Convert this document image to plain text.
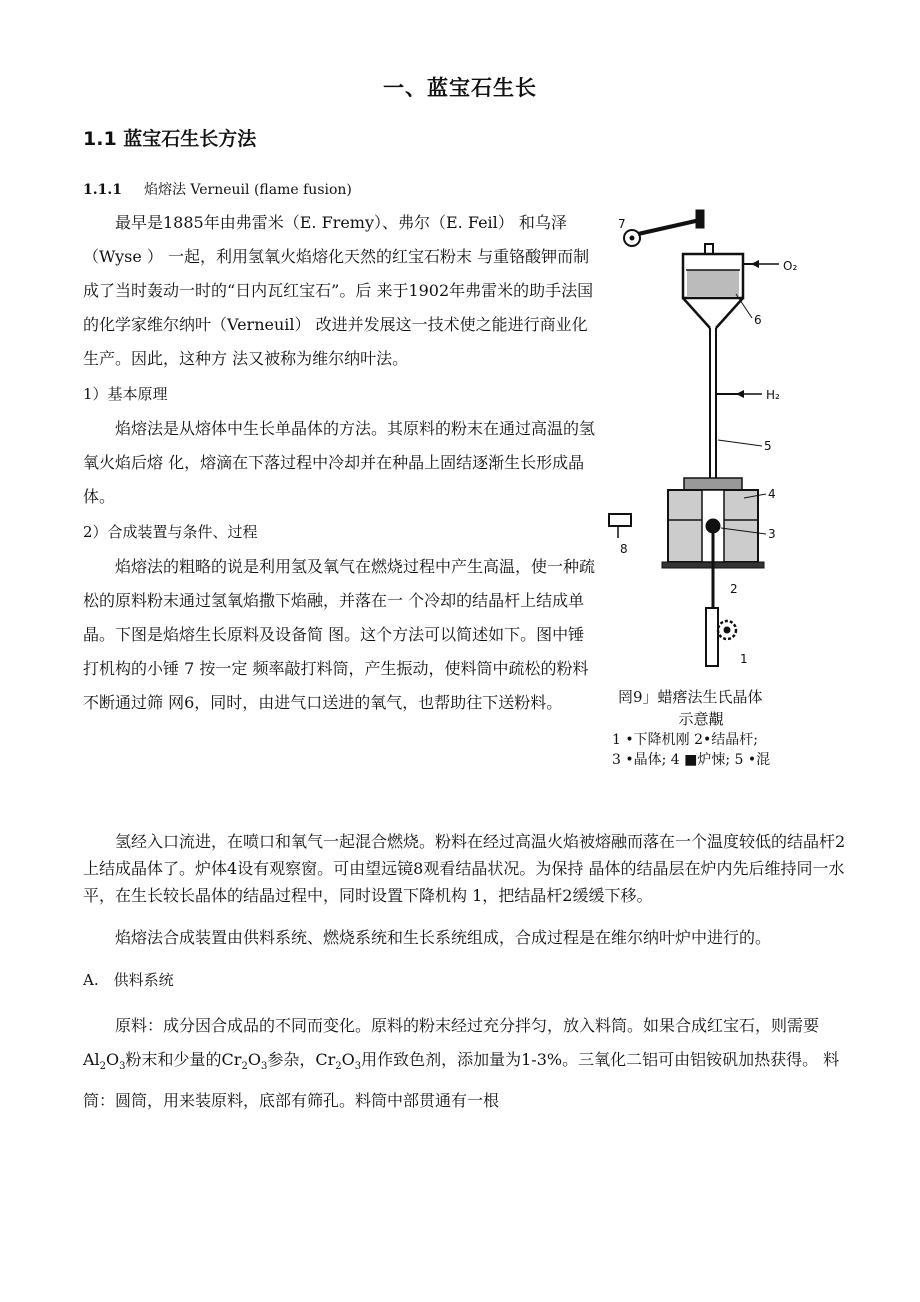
一、蓝宝石生长
1.1 蓝宝石生长方法
1.1.1 焰熔法 Verneuil (flame fusion)

最早是1885年由弗雷米（E. Fremy）、弗尔（E. Feil） 和乌泽（Wyse ） 一起，利用氢氧火焰熔化天然的红宝石粉末 与重铬酸钾而制成了当时轰动一时的“日内瓦红宝石”。后 来于1902年弗雷米的助手法国的化学家维尔纳叶（Verneuil） 改进并发展这一技术使之能进行商业化生产。因此，这种方 法又被称为维尔纳叶法。

1）基本原理

焰熔法是从熔体中生长单晶体的方法。其原料的粉末在通过高温的氢氧火焰后熔 化，熔滴在下落过程中冷却并在种晶上固结逐渐生长形成晶体。

2）合成装置与条件、过程

焰熔法的粗略的说是利用氢及氧气在燃烧过程中产生高温，使一种疏松的原料粉末通过氢氧焰撒下焰融，并落在一 个冷却的结晶杆上结成单晶。下图是焰熔生长原料及设备简 图。这个方法可以简述如下。图中锤打机构的小锤 7 按一定 频率敲打料筒，产生振动，使料筒中疏松的粉料不断通过筛 网6，同时，由进气口送进的氧气，也帮助往下送粉料。

7
O₂
6
H₂
5
4
3
8
2
1
罔9」蜡瘩法生氏晶体
示意覯
1 •下降机刚 2•结晶杆;
3 •晶体; 4 ■炉悚; 5 •混

氢经入口流进，在喷口和氧气一起混合燃烧。粉料在经过高温火焰被熔融而落在一个温度较低的结晶杆2上结成晶体了。炉体4设有观察窗。可由望远镜8观看结晶状况。为保持 晶体的结晶层在炉内先后维持同一水平，在生长较长晶体的结晶过程中，同时设置下降机构 1，把结晶杆2缓缓下移。

焰熔法合成装置由供料系统、燃烧系统和生长系统组成，合成过程是在维尔纳叶炉中进行的。

A.　供料系统

原料：成分因合成品的不同而变化。原料的粉末经过充分拌匀，放入料筒。如果合成红宝石，则需要$Al_2O_3$粉末和少量的$Cr_2O_3$参杂，$Cr_2O_3$用作致色剂，添加量为1-3%。三氧化二铝可由铝铵矾加热获得。 料筒：圆筒，用来装原料，底部有筛孔。料筒中部贯通有一根
